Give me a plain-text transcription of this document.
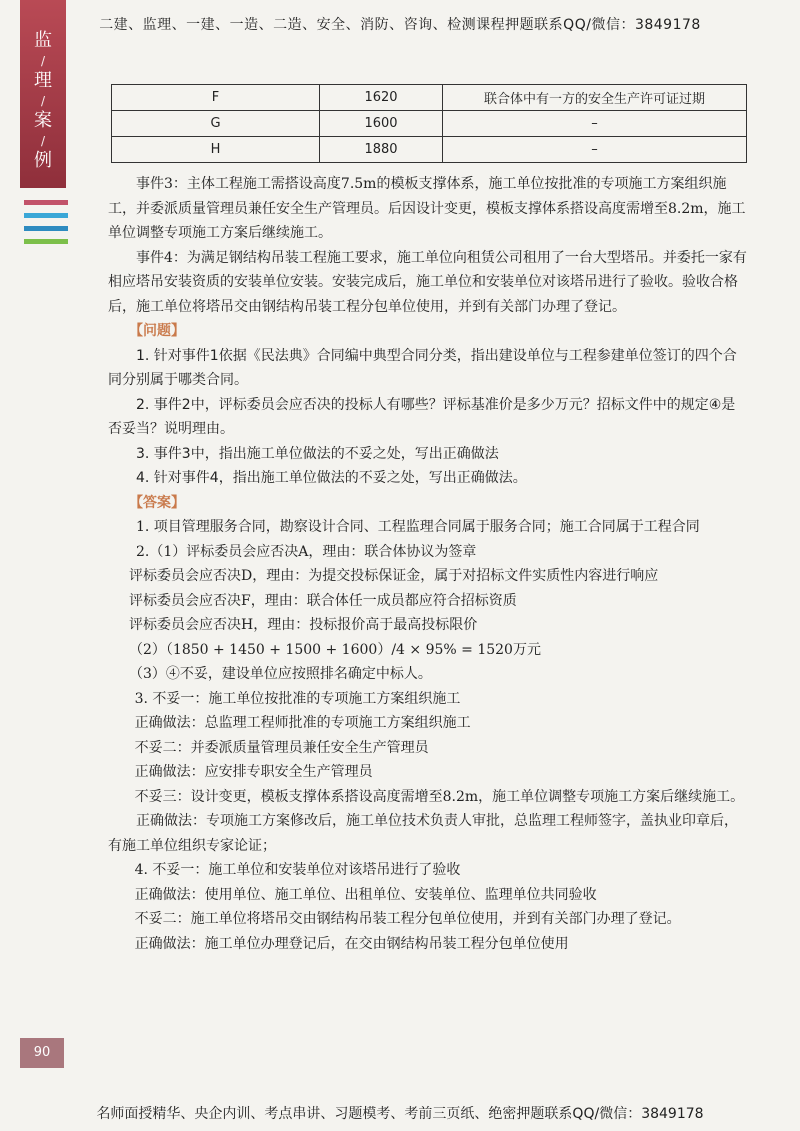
二建、监理、一建、一造、二造、安全、消防、咨询、检测课程押题联系QQ/微信：3849178
监
/
理
/
案
/
例
F	1620	联合体中有一方的安全生产许可证过期
G	1600	–
H	1880	–

事件3：主体工程施工需搭设高度7.5m的模板支撑体系，施工单位按批准的专项施工方案组织施工，并委派质量管理员兼任安全生产管理员。后因设计变更，模板支撑体系搭设高度需增至8.2m，施工单位调整专项施工方案后继续施工。

事件4：为满足钢结构吊装工程施工要求，施工单位向租赁公司租用了一台大型塔吊。并委托一家有相应塔吊安装资质的安装单位安装。安装完成后，施工单位和安装单位对该塔吊进行了验收。验收合格后，施工单位将塔吊交由钢结构吊装工程分包单位使用，并到有关部门办理了登记。

【问题】

1. 针对事件1依据《民法典》合同编中典型合同分类，指出建设单位与工程参建单位签订的四个合同分别属于哪类合同。

2. 事件2中，评标委员会应否决的投标人有哪些？评标基准价是多少万元？招标文件中的规定④是否妥当？说明理由。

3. 事件3中，指出施工单位做法的不妥之处，写出正确做法

4. 针对事件4，指出施工单位做法的不妥之处，写出正确做法。

【答案】

1. 项目管理服务合同，勘察设计合同、工程监理合同属于服务合同；施工合同属于工程合同

2.（1）评标委员会应否决A，理由：联合体协议为签章

评标委员会应否决D，理由：为提交投标保证金，属于对招标文件实质性内容进行响应

评标委员会应否决F，理由：联合体任一成员都应符合招标资质

评标委员会应否决H，理由：投标报价高于最高投标限价

（2）（1850 + 1450 + 1500 + 1600）/4 × 95% = 1520万元

（3）④不妥，建设单位应按照排名确定中标人。

3. 不妥一：施工单位按批准的专项施工方案组织施工

正确做法：总监理工程师批准的专项施工方案组织施工

不妥二：并委派质量管理员兼任安全生产管理员

正确做法：应安排专职安全生产管理员

不妥三：设计变更，模板支撑体系搭设高度需增至8.2m，施工单位调整专项施工方案后继续施工。

正确做法：专项施工方案修改后，施工单位技术负责人审批，总监理工程师签字，盖执业印章后，有施工单位组织专家论证；

4. 不妥一：施工单位和安装单位对该塔吊进行了验收

正确做法：使用单位、施工单位、出租单位、安装单位、监理单位共同验收

不妥二：施工单位将塔吊交由钢结构吊装工程分包单位使用，并到有关部门办理了登记。

正确做法：施工单位办理登记后，在交由钢结构吊装工程分包单位使用

90
名师面授精华、央企内训、考点串讲、习题模考、考前三页纸、绝密押题联系QQ/微信：3849178
